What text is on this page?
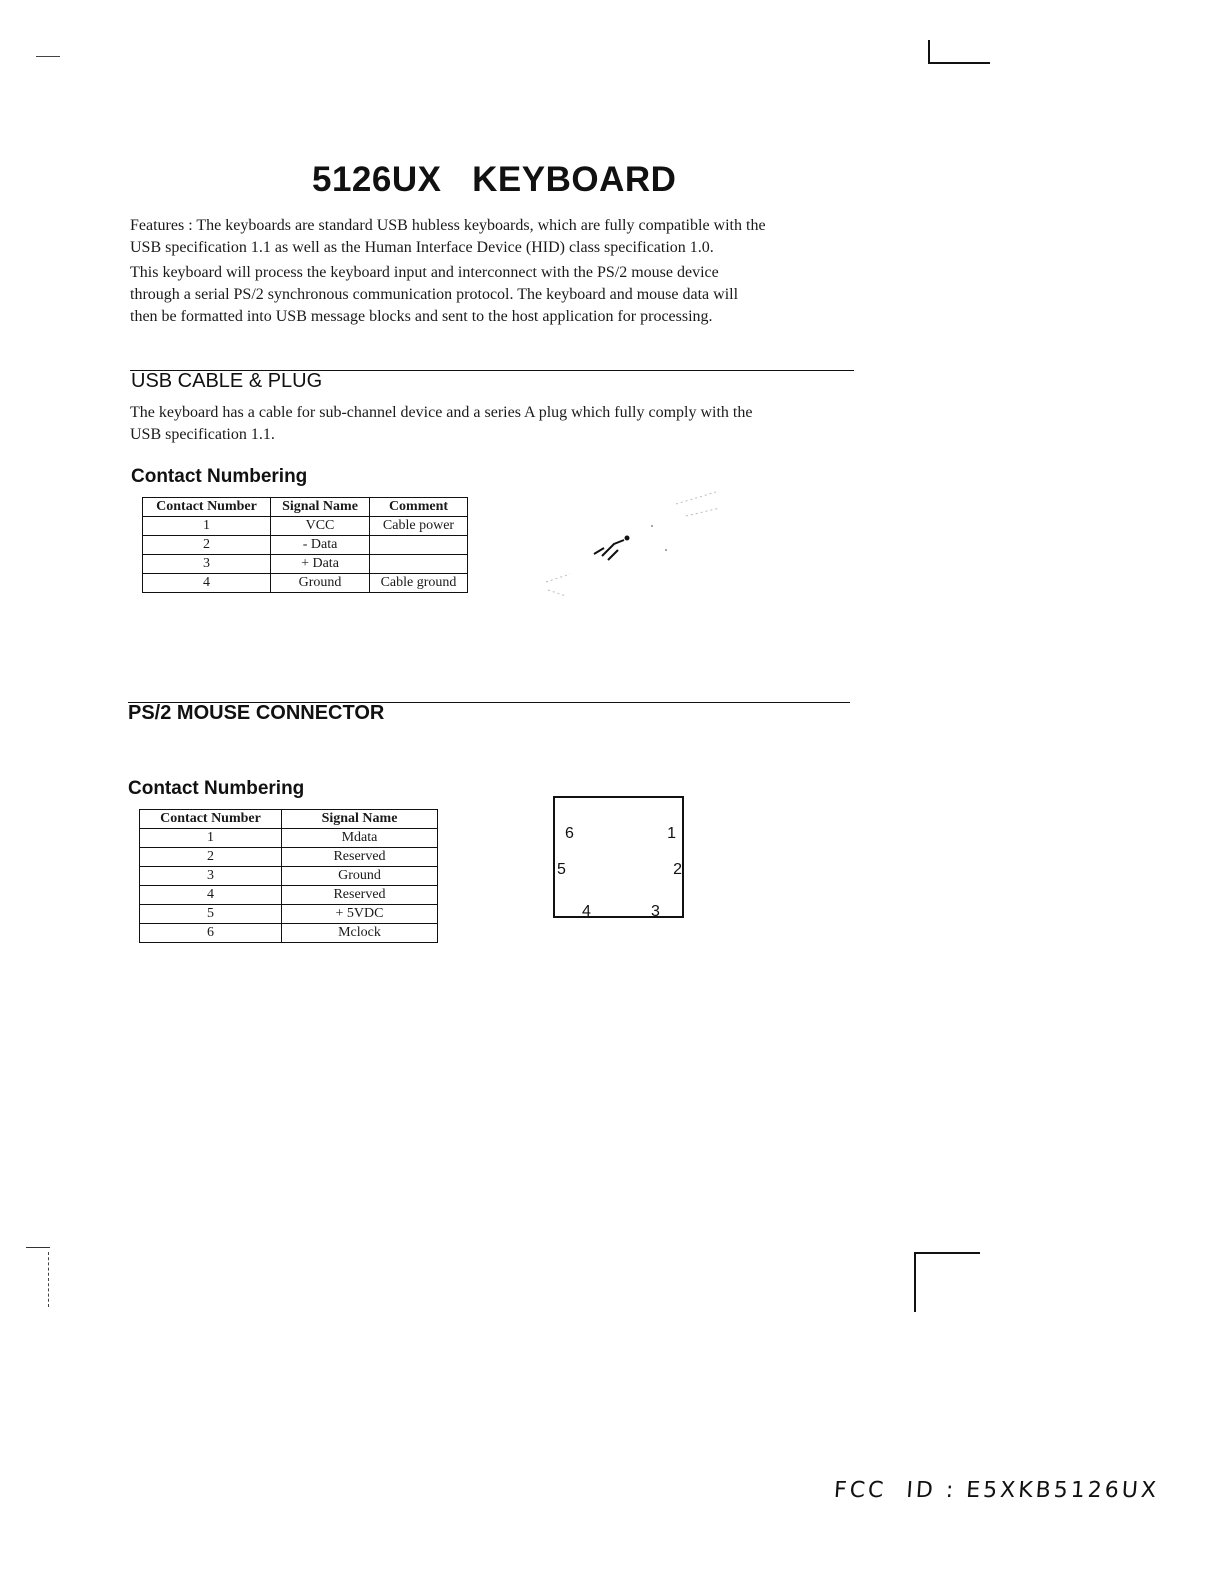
5126UX   KEYBOARD

Features : The keyboards are standard USB hubless keyboards, which are fully compatible with the

USB specification 1.1 as well as the Human Interface Device (HID) class specification 1.0.

This keyboard will process the keyboard input and interconnect with the PS/2 mouse device

through a serial PS/2 synchronous communication protocol. The keyboard and mouse data will

then be formatted into USB message blocks and sent to the host application for processing.

USB CABLE & PLUG

The keyboard has a cable for sub-channel device and a series A plug which fully comply with the

USB specification 1.1.

Contact Numbering
Contact Number	Signal Name	Comment
1	VCC	Cable power
2	- Data	
3	+ Data	
4	Ground	Cable ground
PS/2 MOUSE CONNECTOR
Contact Numbering
Contact Number	Signal Name
1	Mdata
2	Reserved
3	Ground
4	Reserved
5	+ 5VDC
6	Mclock
6	1
5	2
4	3
FCC  ID : E5XKB5126UX
